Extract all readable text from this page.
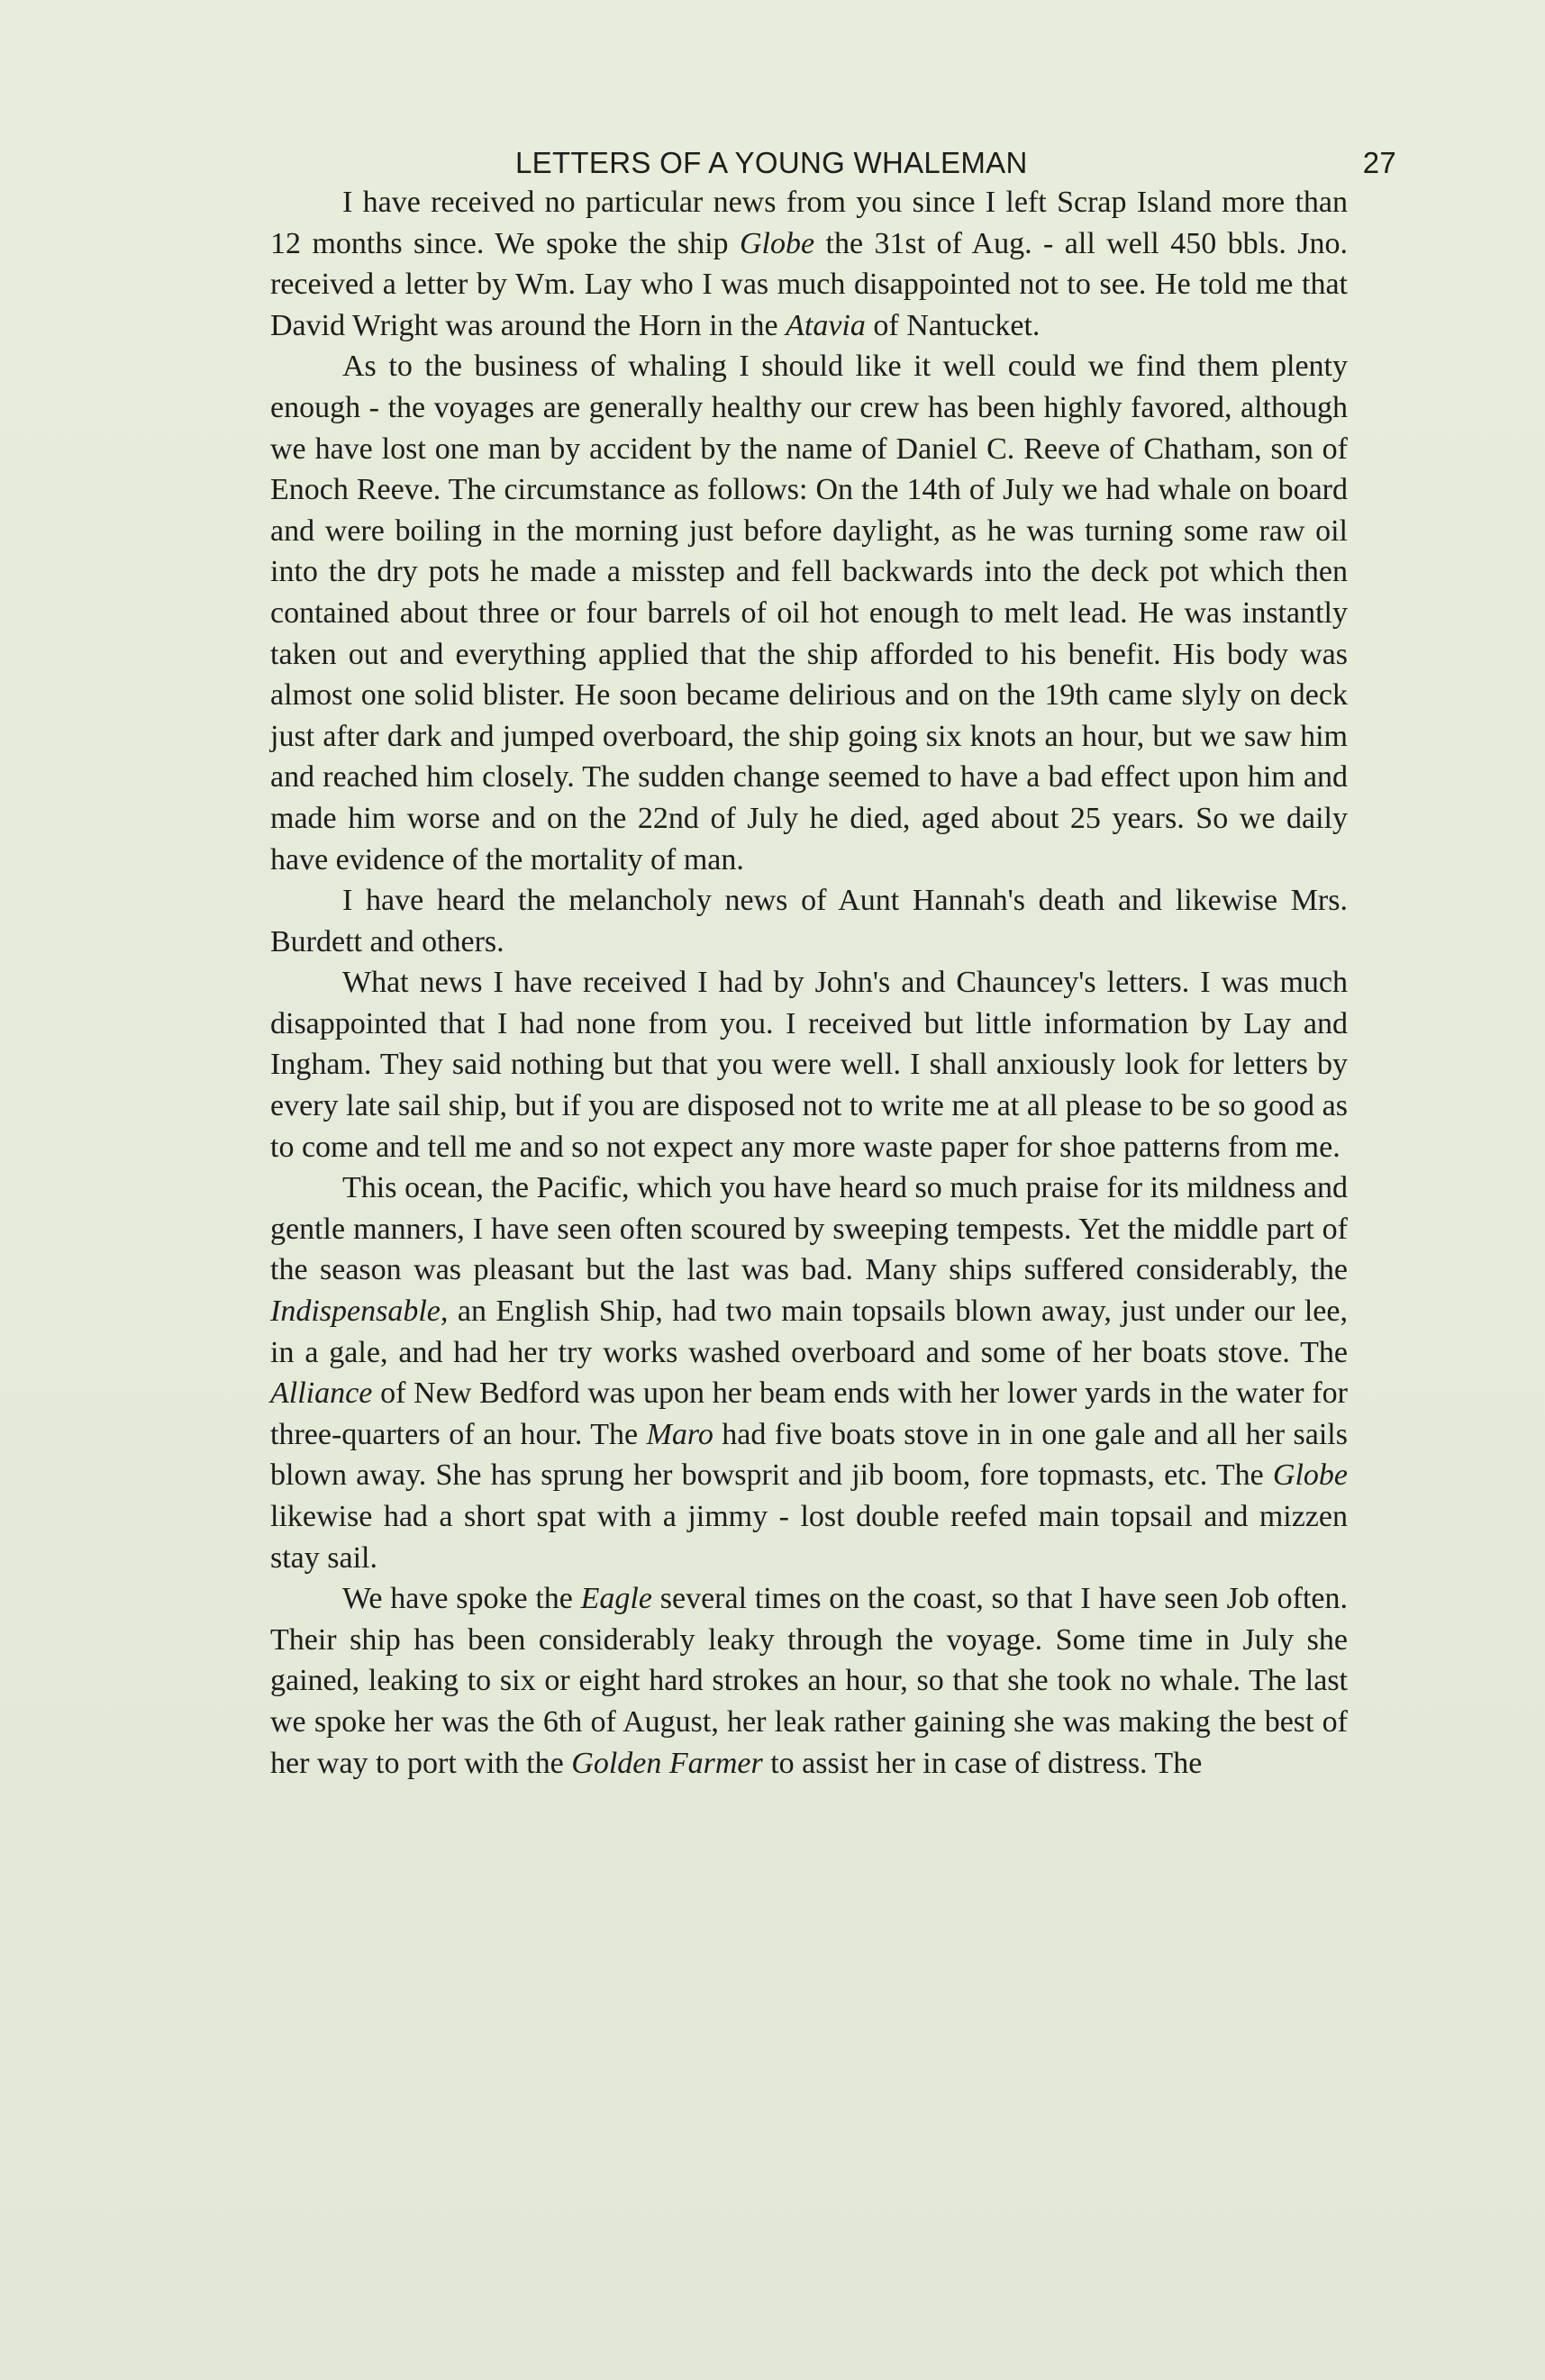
LETTERS OF A YOUNG WHALEMAN	27

I have received no particular news from you since I left Scrap Island more than 12 months since. We spoke the ship Globe the 31st of Aug. - all well 450 bbls. Jno. received a letter by Wm. Lay who I was much disappointed not to see. He told me that David Wright was around the Horn in the Atavia of Nantucket.

As to the business of whaling I should like it well could we find them plenty enough - the voyages are generally healthy our crew has been highly favored, although we have lost one man by accident by the name of Daniel C. Reeve of Chatham, son of Enoch Reeve. The circumstance as follows: On the 14th of July we had whale on board and were boiling in the morning just before daylight, as he was turning some raw oil into the dry pots he made a misstep and fell backwards into the deck pot which then contained about three or four barrels of oil hot enough to melt lead. He was instantly taken out and everything applied that the ship afforded to his benefit. His body was almost one solid blister. He soon became delirious and on the 19th came slyly on deck just after dark and jumped overboard, the ship going six knots an hour, but we saw him and reached him closely. The sudden change seemed to have a bad effect upon him and made him worse and on the 22nd of July he died, aged about 25 years. So we daily have evidence of the mortality of man.

I have heard the melancholy news of Aunt Hannah's death and likewise Mrs. Burdett and others.

What news I have received I had by John's and Chauncey's letters. I was much disappointed that I had none from you. I received but little information by Lay and Ingham. They said nothing but that you were well. I shall anxiously look for letters by every late sail ship, but if you are disposed not to write me at all please to be so good as to come and tell me and so not expect any more waste paper for shoe patterns from me.

This ocean, the Pacific, which you have heard so much praise for its mildness and gentle manners, I have seen often scoured by sweeping tempests. Yet the middle part of the season was pleasant but the last was bad. Many ships suffered considerably, the Indispensable, an English Ship, had two main topsails blown away, just under our lee, in a gale, and had her try works washed overboard and some of her boats stove. The Alliance of New Bedford was upon her beam ends with her lower yards in the water for three-quarters of an hour. The Maro had five boats stove in in one gale and all her sails blown away. She has sprung her bowsprit and jib boom, fore topmasts, etc. The Globe likewise had a short spat with a jimmy - lost double reefed main topsail and mizzen stay sail.

We have spoke the Eagle several times on the coast, so that I have seen Job often. Their ship has been considerably leaky through the voyage. Some time in July she gained, leaking to six or eight hard strokes an hour, so that she took no whale. The last we spoke her was the 6th of August, her leak rather gaining she was making the best of her way to port with the Golden Farmer to assist her in case of distress. The
